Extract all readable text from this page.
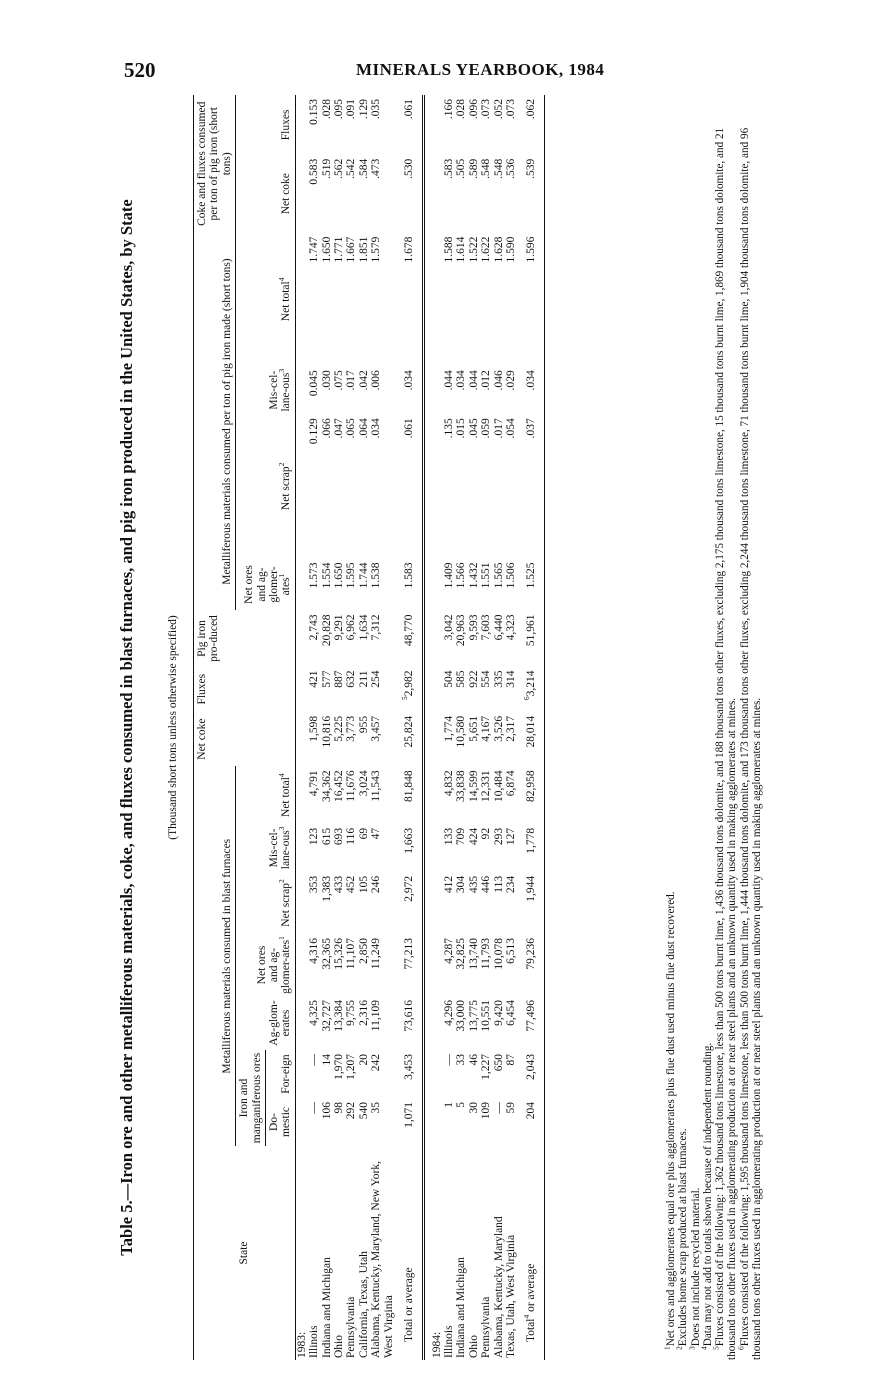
520	MINERALS YEARBOOK, 1984
Table 5.—Iron ore and other metalliferous materials, coke, and fluxes consumed in blast furnaces, and pig iron produced in the United States, by State	(Thousand short tons unless otherwise specified)
State	Metalliferous materials consumed in blast furnaces							Net coke	Fluxes	Pig iron pro-duced	Metalliferous materials consumed per ton of pig iron made (short tons)				Coke and fluxes consumed per ton of pig iron (short tons)	
	Iron and manganiferous ores		Ag-glom-erates	Net ores and ag-glomer-ates$^1$	Net scrap$^2$	Mis-cel-lane-ous$^3$	Net total$^4$				Net ores and ag-glomer-ates$^1$	Net scrap$^2$	Mis-cel-lane-ous$^3$	Net total$^4$	Net coke	Fluxes
	Do-mestic	For-eign														
1983:																
Illinois	—	—	4,325	4,316	353	123	4,791	1,598	421	2,743	1.573	0.129	0.045	1.747	0.583	0.153
Indiana and Michigan	106	14	32,727	32,365	1,383	615	34,362	10,816	577	20,828	1.554	.066	.030	1.650	.519	.028
Ohio	98	1,970	13,384	15,326	433	693	16,452	5,225	887	9,291	1.650	.047	.075	1.771	.562	.095
Pennsylvania	292	1,207	9,755	11,107	452	116	11,676	3,773	632	6,962	1.595	.065	.017	1.667	.542	.091
California, Texas, Utah	540	20	2,316	2,850	105	69	3,024	955	211	1,634	1.744	.064	.042	1.851	.584	.129
Alabama, Kentucky, Maryland, New York, West Virginia	35	242	11,109	11,249	246	47	11,543	3,457	254	7,312	1.538	.034	.006	1.579	.473	.035
Total or average	1,071	3,453	73,616	77,213	2,972	1,663	81,848	25,824	$^5$2,982	48,770	1.583	.061	.034	1.678	.530	.061

1984:																
Illinois	1	—	4,296	4,287	412	133	4,832	1,774	504	3,042	1.409	.135	.044	1.588	.583	.166
Indiana and Michigan	5	33	33,000	32,825	304	709	33,838	10,580	585	20,963	1.566	.015	.034	1.614	.505	.028
Ohio	30	46	13,775	13,740	435	424	14,599	5,651	922	9,593	1.432	.045	.044	1.522	.589	.096
Pennsylvania	109	1,227	10,551	11,793	446	92	12,331	4,167	554	7,603	1.551	.059	.012	1.622	.548	.073
Alabama, Kentucky, Maryland	—	650	9,420	10,078	113	293	10,484	3,526	335	6,440	1.565	.017	.046	1.628	.548	.052
Texas, Utah, West Virginia	59	87	6,454	6,513	234	127	6,874	2,317	314	4,323	1.506	.054	.029	1.590	.536	.073
Total$^4$ or average	204	2,043	77,496	79,236	1,944	1,778	82,958	28,014	$^6$3,214	51,961	1.525	.037	.034	1.596	.539	.062

$^1$Net ores and agglomerates equal ore plus agglomerates plus flue dust used minus flue dust recovered.

$^2$Excludes home scrap produced at blast furnaces.

$^3$Does not include recycled material.

$^4$Data may not add to totals shown because of independent rounding.

$^5$Fluxes consisted of the following: 1,362 thousand tons limestone, less than 500 tons burnt lime, 1,436 thousand tons dolomite, and 188 thousand tons other fluxes, excluding 2,175 thousand tons limestone, 15 thousand tons burnt lime, 1,869 thousand tons dolomite, and 21 thousand tons other fluxes used in agglomerating production at or near steel plants and an unknown quantity used in making agglomerates at mines.

$^6$Fluxes consisted of the following: 1,595 thousand tons limestone, less than 500 tons burnt lime, 1,444 thousand tons dolomite, and 173 thousand tons other fluxes, excluding 2,244 thousand tons limestone, 71 thousand tons burnt lime, 1,904 thousand tons dolomite, and 96 thousand tons other fluxes used in agglomerating production at or near steel plants and an unknown quantity used in making agglomerates at mines.
